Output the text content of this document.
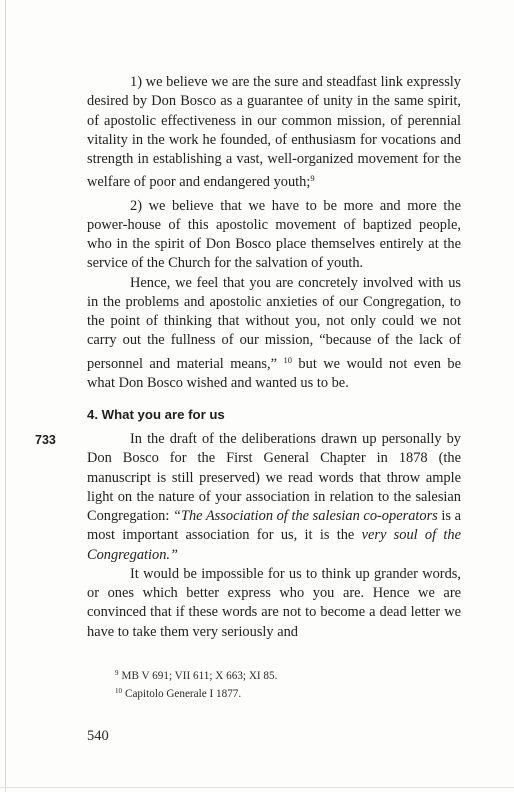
1) we believe we are the sure and steadfast link expressly desired by Don Bosco as a guarantee of unity in the same spirit, of apostolic effectiveness in our common mission, of perennial vitality in the work he founded, of enthusiasm for vocations and strength in establishing a vast, well-organized movement for the welfare of poor and endangered youth;$^9$

2) we believe that we have to be more and more the power-house of this apostolic movement of baptized people, who in the spirit of Don Bosco place themselves entirely at the service of the Church for the salvation of youth.

Hence, we feel that you are concretely involved with us in the problems and apostolic anxieties of our Congregation, to the point of thinking that without you, not only could we not carry out the fullness of our mission, “because of the lack of personnel and material means,” $^{10}$ but we would not even be what Don Bosco wished and wanted us to be.

4. What you are for us
733	In the draft of the deliberations drawn up personally by Don Bosco for the First General Chapter in 1878 (the manuscript is still preserved) we read words that throw ample light on the nature of your association in relation to the salesian Congregation: “The Association of the salesian co-operators is a most important association for us, it is the very soul of the Congregation.”

It would be impossible for us to think up grander words, or ones which better express who you are. Hence we are convinced that if these words are not to become a dead letter we have to take them very seriously and

$^9$ MB V 691; VII 611; X 663; XI 85.
$^{10}$ Capitolo Generale I 1877.
540
